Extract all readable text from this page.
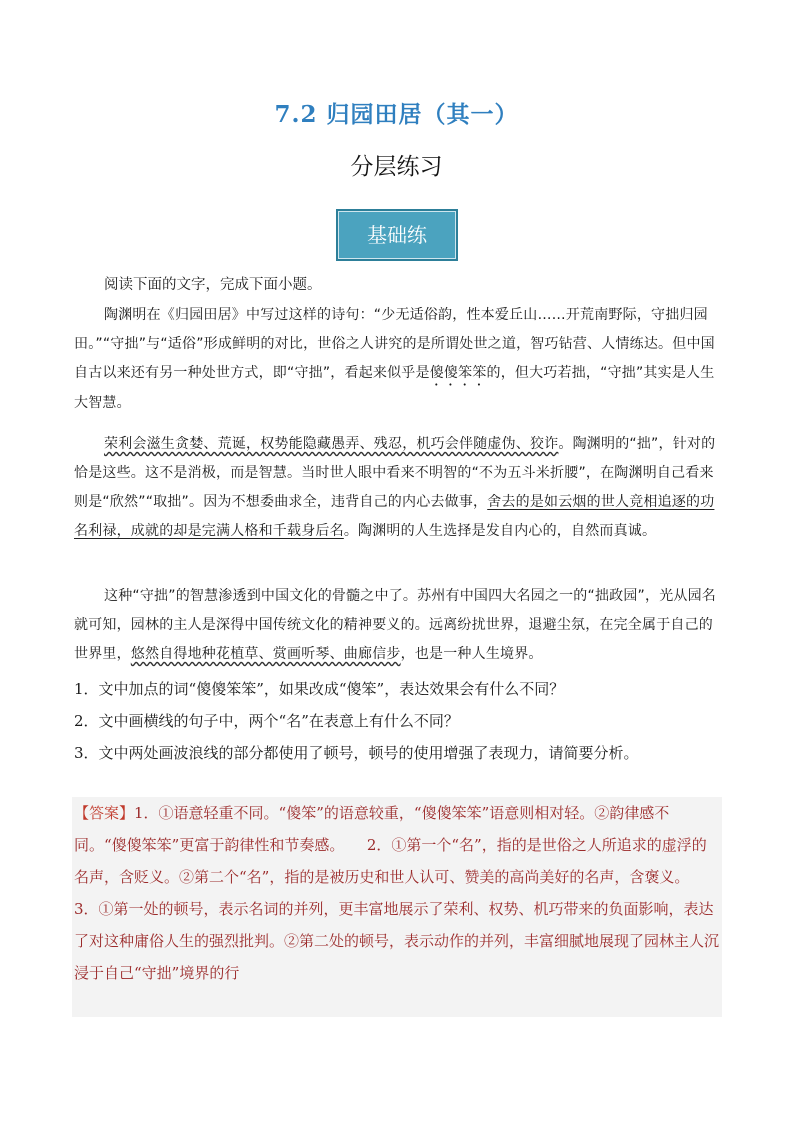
7.2 归园田居（其一）
分层练习
基础练

阅读下面的文字，完成下面小题。

陶渊明在《归园田居》中写过这样的诗句：“少无适俗韵，性本爱丘山……开荒南野际，守拙归园田。”“守拙”与“适俗”形成鲜明的对比，世俗之人讲究的是所谓处世之道，智巧钻营、人情练达。但中国自古以来还有另一种处世方式，即“守拙”，看起来似乎是傻傻笨笨的，但大巧若拙，“守拙”其实是人生大智慧。

荣利会滋生贪婪、荒诞，权势能隐藏愚弄、残忍，机巧会伴随虚伪、狡诈。陶渊明的“拙”，针对的恰是这些。这不是消极，而是智慧。当时世人眼中看来不明智的“不为五斗米折腰”，在陶渊明自己看来则是“欣然”“取拙”。因为不想委曲求全，违背自己的内心去做事，舍去的是如云烟的世人竞相追逐的功名利禄，成就的却是完满人格和千载身后名。陶渊明的人生选择是发自内心的，自然而真诚。

这种“守拙”的智慧渗透到中国文化的骨髓之中了。苏州有中国四大名园之一的“拙政园”，光从园名就可知，园林的主人是深得中国传统文化的精神要义的。远离纷扰世界，退避尘氛，在完全属于自己的世界里，悠然自得地种花植草、赏画听琴、曲廊信步，也是一种人生境界。

1．文中加点的词“傻傻笨笨”，如果改成“傻笨”，表达效果会有什么不同？

2．文中画横线的句子中，两个“名”在表意上有什么不同？

3．文中两处画波浪线的部分都使用了顿号，顿号的使用增强了表现力，请简要分析。

【答案】1．①语意轻重不同。“傻笨”的语意较重，“傻傻笨笨”语意则相对轻。②韵律感不同。“傻傻笨笨”更富于韵律性和节奏感。　　2．①第一个“名”，指的是世俗之人所追求的虚浮的名声，含贬义。②第二个“名”，指的是被历史和世人认可、赞美的高尚美好的名声，含褒义。　　3．①第一处的顿号，表示名词的并列，更丰富地展示了荣利、权势、机巧带来的负面影响，表达了对这种庸俗人生的强烈批判。②第二处的顿号，表示动作的并列，丰富细腻地展现了园林主人沉浸于自己“守拙”境界的行
